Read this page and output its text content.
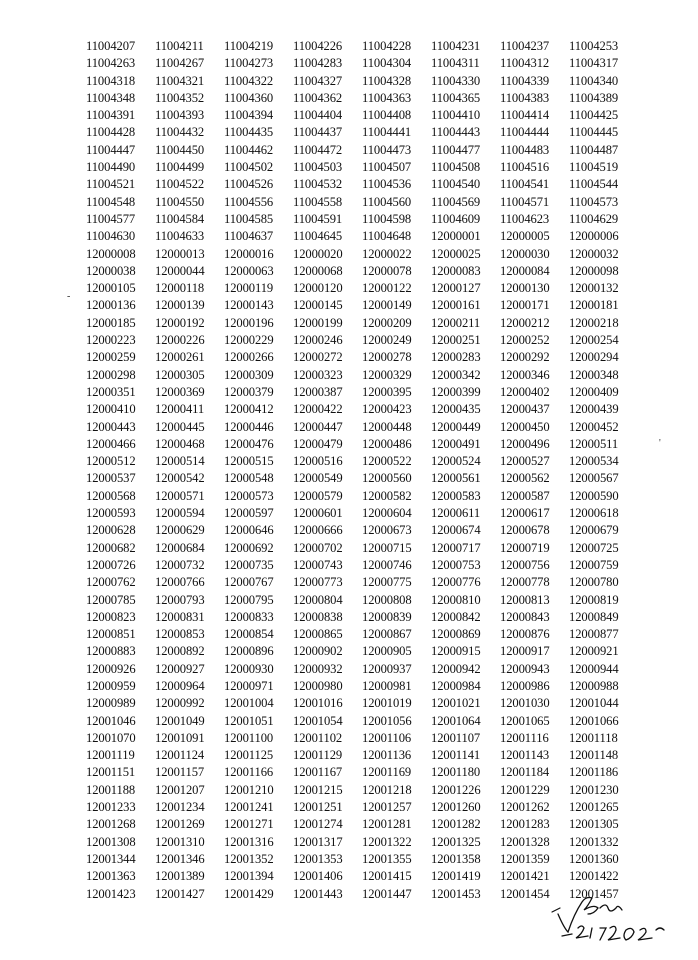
11004207	11004211	11004219	11004226	11004228	11004231	11004237	11004253
11004263	11004267	11004273	11004283	11004304	11004311	11004312	11004317
11004318	11004321	11004322	11004327	11004328	11004330	11004339	11004340
11004348	11004352	11004360	11004362	11004363	11004365	11004383	11004389
11004391	11004393	11004394	11004404	11004408	11004410	11004414	11004425
11004428	11004432	11004435	11004437	11004441	11004443	11004444	11004445
11004447	11004450	11004462	11004472	11004473	11004477	11004483	11004487
11004490	11004499	11004502	11004503	11004507	11004508	11004516	11004519
11004521	11004522	11004526	11004532	11004536	11004540	11004541	11004544
11004548	11004550	11004556	11004558	11004560	11004569	11004571	11004573
11004577	11004584	11004585	11004591	11004598	11004609	11004623	11004629
11004630	11004633	11004637	11004645	11004648	12000001	12000005	12000006
12000008	12000013	12000016	12000020	12000022	12000025	12000030	12000032
12000038	12000044	12000063	12000068	12000078	12000083	12000084	12000098
12000105	12000118	12000119	12000120	12000122	12000127	12000130	12000132
12000136	12000139	12000143	12000145	12000149	12000161	12000171	12000181
12000185	12000192	12000196	12000199	12000209	12000211	12000212	12000218
12000223	12000226	12000229	12000246	12000249	12000251	12000252	12000254
12000259	12000261	12000266	12000272	12000278	12000283	12000292	12000294
12000298	12000305	12000309	12000323	12000329	12000342	12000346	12000348
12000351	12000369	12000379	12000387	12000395	12000399	12000402	12000409
12000410	12000411	12000412	12000422	12000423	12000435	12000437	12000439
12000443	12000445	12000446	12000447	12000448	12000449	12000450	12000452
12000466	12000468	12000476	12000479	12000486	12000491	12000496	12000511
12000512	12000514	12000515	12000516	12000522	12000524	12000527	12000534
12000537	12000542	12000548	12000549	12000560	12000561	12000562	12000567
12000568	12000571	12000573	12000579	12000582	12000583	12000587	12000590
12000593	12000594	12000597	12000601	12000604	12000611	12000617	12000618
12000628	12000629	12000646	12000666	12000673	12000674	12000678	12000679
12000682	12000684	12000692	12000702	12000715	12000717	12000719	12000725
12000726	12000732	12000735	12000743	12000746	12000753	12000756	12000759
12000762	12000766	12000767	12000773	12000775	12000776	12000778	12000780
12000785	12000793	12000795	12000804	12000808	12000810	12000813	12000819
12000823	12000831	12000833	12000838	12000839	12000842	12000843	12000849
12000851	12000853	12000854	12000865	12000867	12000869	12000876	12000877
12000883	12000892	12000896	12000902	12000905	12000915	12000917	12000921
12000926	12000927	12000930	12000932	12000937	12000942	12000943	12000944
12000959	12000964	12000971	12000980	12000981	12000984	12000986	12000988
12000989	12000992	12001004	12001016	12001019	12001021	12001030	12001044
12001046	12001049	12001051	12001054	12001056	12001064	12001065	12001066
12001070	12001091	12001100	12001102	12001106	12001107	12001116	12001118
12001119	12001124	12001125	12001129	12001136	12001141	12001143	12001148
12001151	12001157	12001166	12001167	12001169	12001180	12001184	12001186
12001188	12001207	12001210	12001215	12001218	12001226	12001229	12001230
12001233	12001234	12001241	12001251	12001257	12001260	12001262	12001265
12001268	12001269	12001271	12001274	12001281	12001282	12001283	12001305
12001308	12001310	12001316	12001317	12001322	12001325	12001328	12001332
12001344	12001346	12001352	12001353	12001355	12001358	12001359	12001360
12001363	12001389	12001394	12001406	12001415	12001419	12001421	12001422
12001423	12001427	12001429	12001443	12001447	12001453	12001454	12001457
-
'
